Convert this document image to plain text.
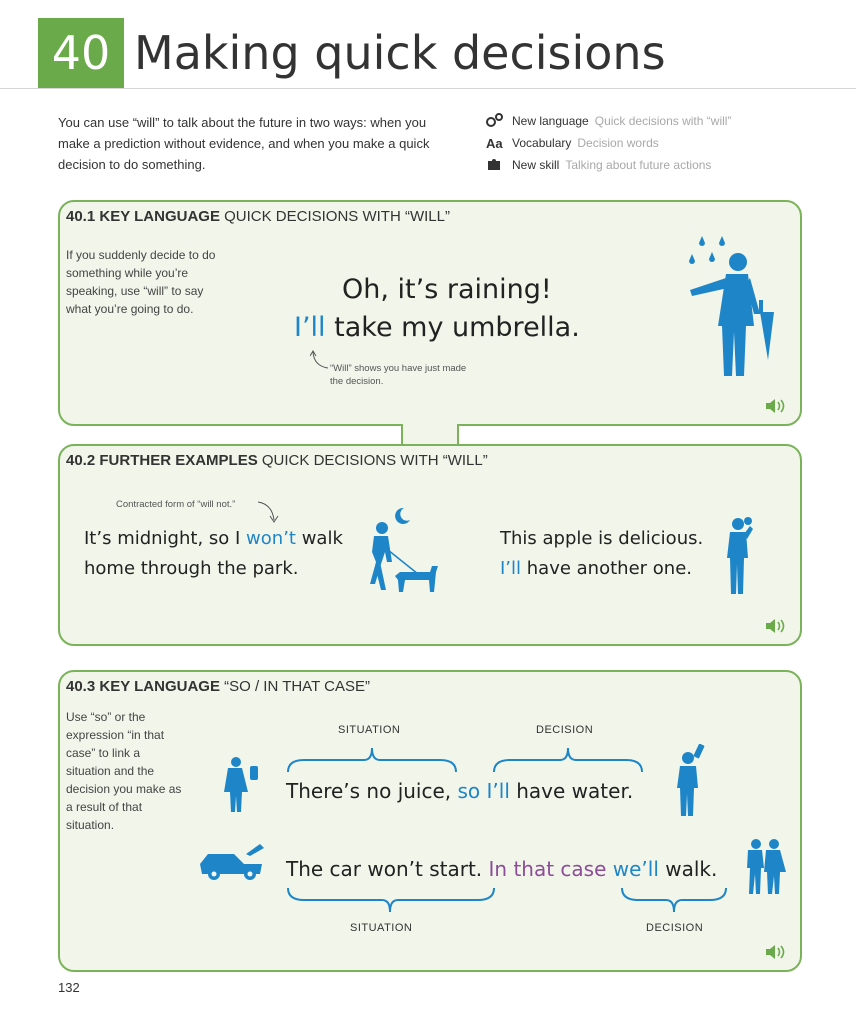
40 Making quick decisions

You can use “will” to talk about the future in two ways: when you make a prediction without evidence, and when you make a quick decision to do something.

New language Quick decisions with “will”
Aa Vocabulary Decision words
New skill Talking about future actions
40.1 KEY LANGUAGE QUICK DECISIONS WITH “WILL”

If you suddenly decide to do something while you’re speaking, use “will” to say what you’re going to do.

Oh, it’s raining!
I’ll take my umbrella.

“Will” shows you have just made the decision.

40.2 FURTHER EXAMPLES QUICK DECISIONS WITH “WILL”

Contracted form of “will not.”

It’s midnight, so I won’t walk
home through the park.
This apple is delicious.
I’ll have another one.
40.3 KEY LANGUAGE “SO / IN THAT CASE”

Use “so” or the expression “in that case” to link a situation and the decision you make as a result of that situation.

SITUATION	DECISION
There’s no juice, so I’ll have water.
The car won’t start. In that case we’ll walk.
SITUATION	DECISION
132
